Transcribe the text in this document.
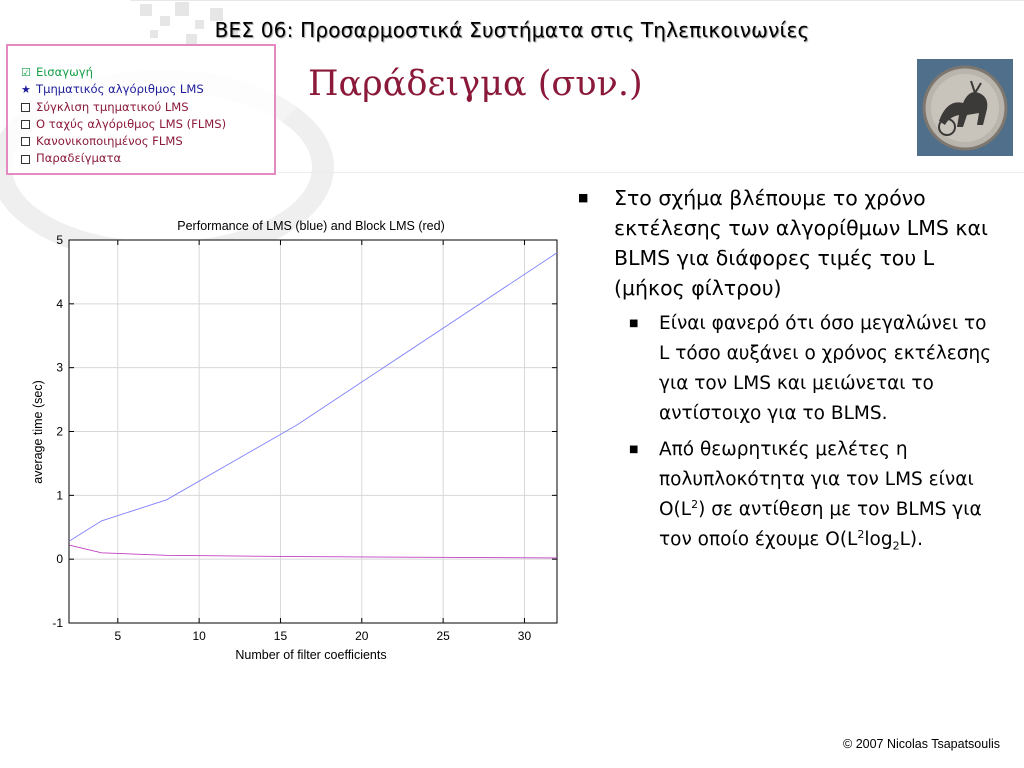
ΒΕΣ 06: Προσαρμοστικά Συστήματα στις Τηλεπικοινωνίες
Παράδειγμα (συν.)
☑ Εισαγωγή
★ Τμηματικός αλγόριθμος LMS
Σύγκλιση τμηματικού LMS
Ο ταχύς αλγόριθμος LMS (FLMS)
Κανονικοποιημένος FLMS
Παραδείγματα
Performance of LMS (blue) and Block LMS (red)
5	10	15	20	25	30
-1
0
1
2
3
4
5
Number of filter coefficients
average time (sec)
■ Στο σχήμα βλέπουμε το χρόνο εκτέλεσης των αλγορίθμων LMS και BLMS για διάφορες τιμές του L (μήκος φίλτρου)
■ Είναι φανερό ότι όσο μεγαλώνει το L τόσο αυξάνει ο χρόνος εκτέλεσης για τον LMS και μειώνεται το αντίστοιχο για το BLMS.
■ Από θεωρητικές μελέτες η πολυπλοκότητα για τον LMS είναι $O(L^2)$ σε αντίθεση με τον BLMS για τον οποίο έχουμε $O(L^2\log_2L)$.
© 2007 Nicolas Tsapatsoulis
